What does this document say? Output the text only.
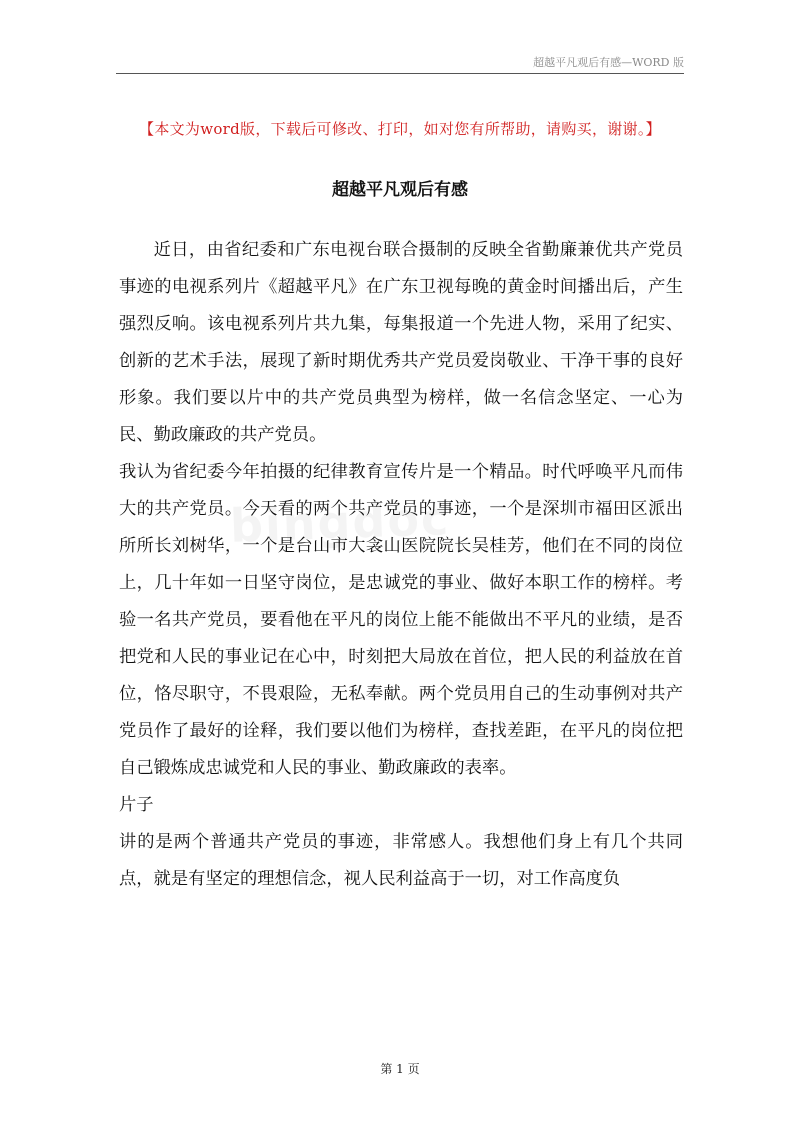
超越平凡观后有感—WORD 版
【本文为word版，下载后可修改、打印，如对您有所帮助，请购买，谢谢。】
超越平凡观后有感

近日，由省纪委和广东电视台联合摄制的反映全省勤廉兼优共产党员事迹的电视系列片《超越平凡》在广东卫视每晚的黄金时间播出后，产生强烈反响。该电视系列片共九集，每集报道一个先进人物，采用了纪实、创新的艺术手法，展现了新时期优秀共产党员爱岗敬业、干净干事的良好形象。我们要以片中的共产党员典型为榜样，做一名信念坚定、一心为民、勤政廉政的共产党员。

我认为省纪委今年拍摄的纪律教育宣传片是一个精品。时代呼唤平凡而伟大的共产党员。今天看的两个共产党员的事迹，一个是深圳市福田区派出所所长刘树华，一个是台山市大衾山医院院长吴桂芳，他们在不同的岗位上，几十年如一日坚守岗位，是忠诚党的事业、做好本职工作的榜样。考验一名共产党员，要看他在平凡的岗位上能不能做出不平凡的业绩，是否把党和人民的事业记在心中，时刻把大局放在首位，把人民的利益放在首位，恪尽职守，不畏艰险，无私奉献。两个党员用自己的生动事例对共产党员作了最好的诠释，我们要以他们为榜样，查找差距，在平凡的岗位把自己锻炼成忠诚党和人民的事业、勤政廉政的表率。

片子

讲的是两个普通共产党员的事迹，非常感人。我想他们身上有几个共同点，就是有坚定的理想信念，视人民利益高于一切，对工作高度负

第 1 页
